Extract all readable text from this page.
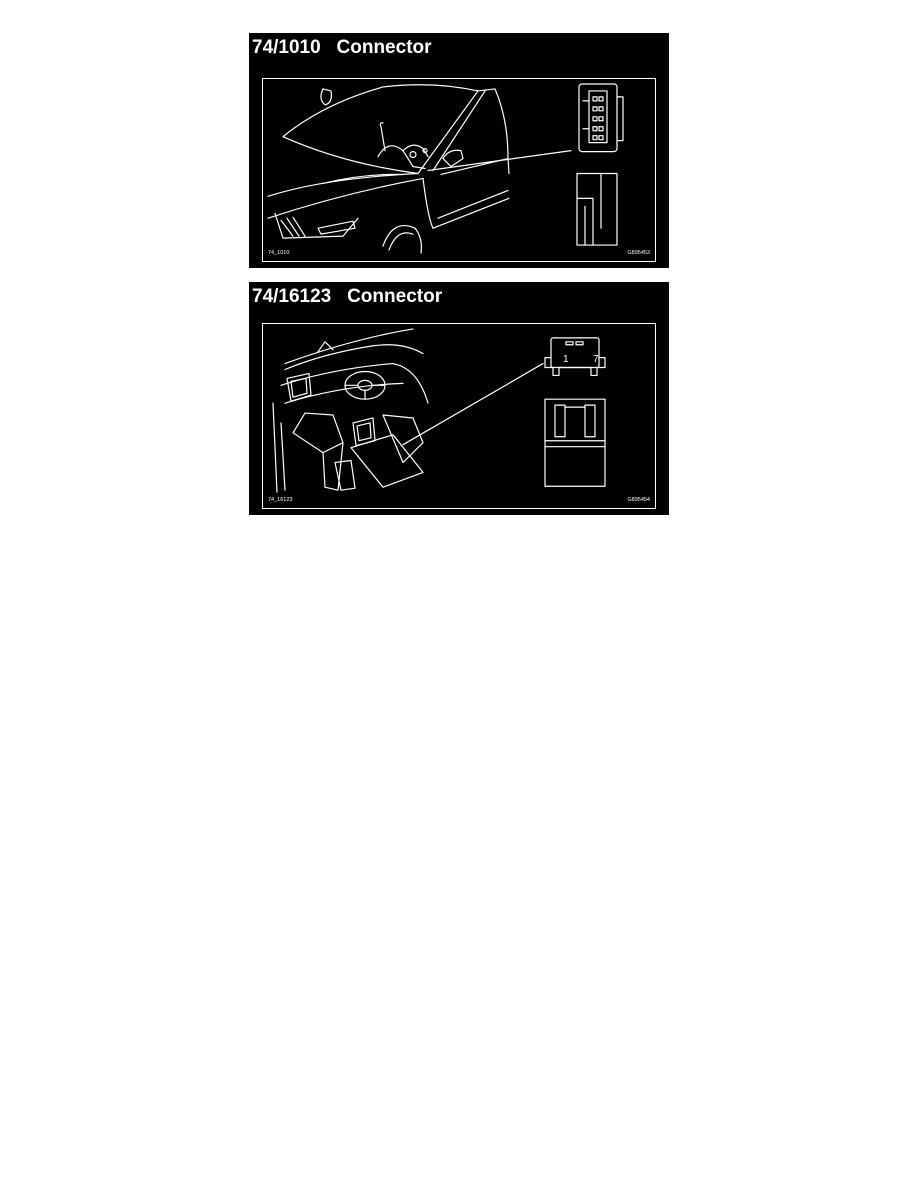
74/1010   Connector
74_1010	G895453
74/16123   Connector
1 7
74_16123	G895454
